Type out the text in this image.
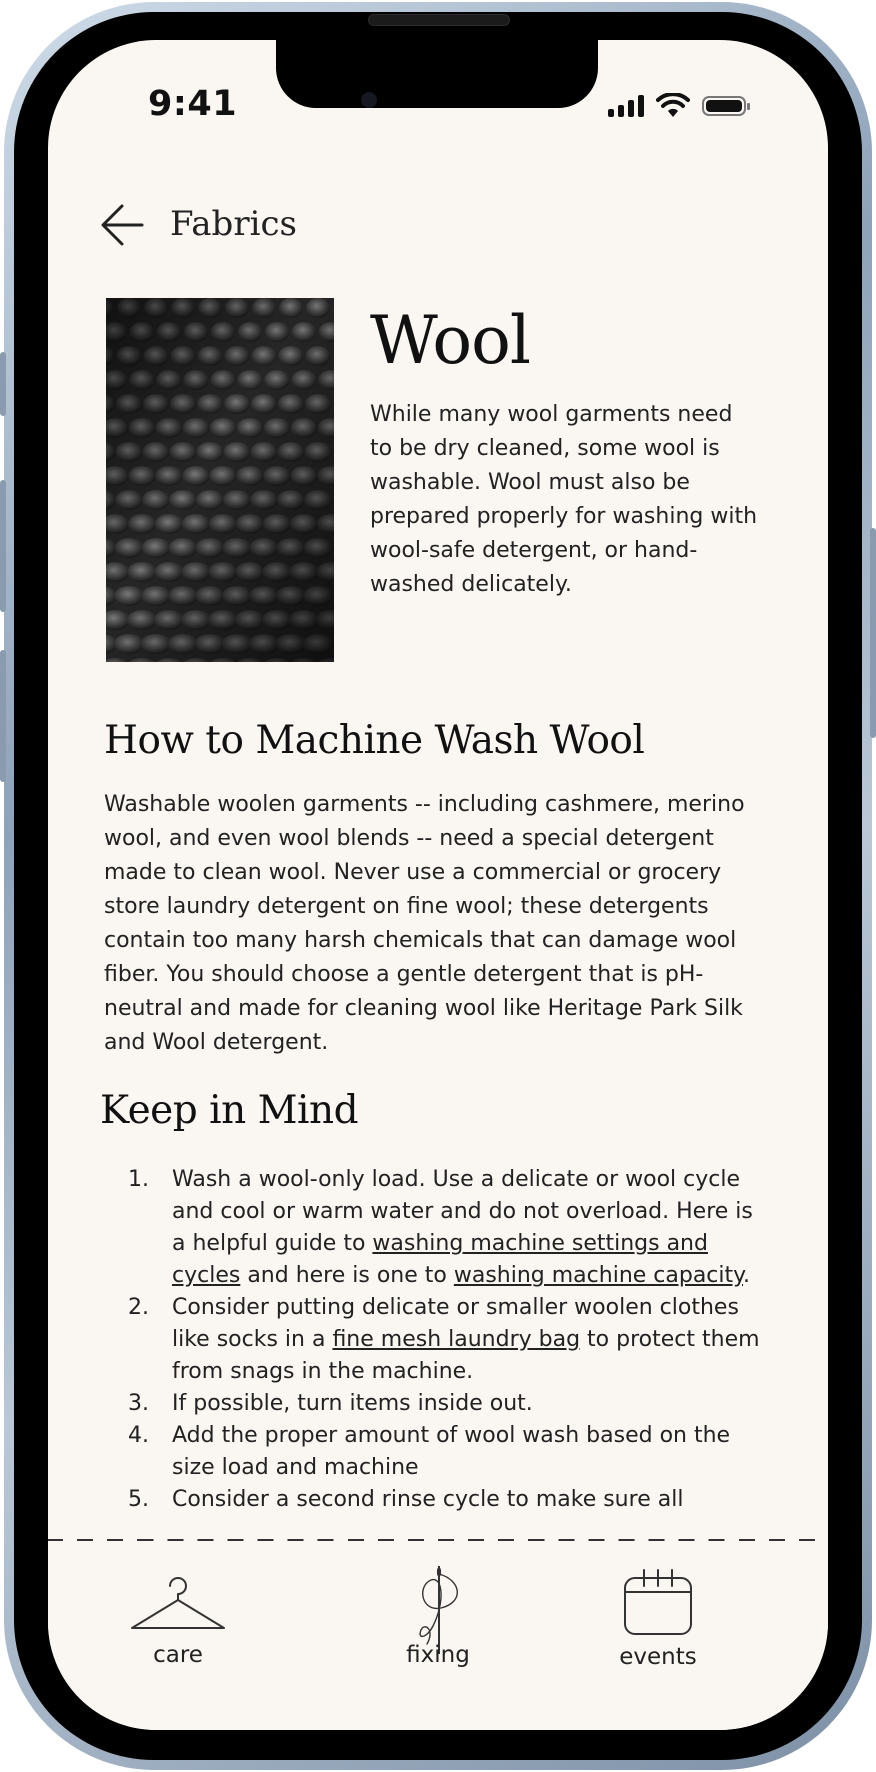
9:41
Fabrics
Wool
While many wool garments need to be dry cleaned, some wool is washable. Wool must also be prepared properly for washing with wool-safe detergent, or hand-washed delicately.
How to Machine Wash Wool
Washable woolen garments -- including cashmere, merino wool, and even wool blends -- need a special detergent made to clean wool. Never use a commercial or grocery store laundry detergent on fine wool; these detergents contain too many harsh chemicals that can damage wool fiber. You should choose a gentle detergent that is pH-neutral and made for cleaning wool like Heritage Park Silk and Wool detergent.
Keep in Mind
1.	Wash a wool-only load. Use a delicate or wool cycle and cool or warm water and do not overload. Here is a helpful guide to washing machine settings and cycles and here is one to washing machine capacity.
2.	Consider putting delicate or smaller woolen clothes like socks in a fine mesh laundry bag to protect them from snags in the machine.
3.	If possible, turn items inside out.
4.	Add the proper amount of wool wash based on the size load and machine
5.	Consider a second rinse cycle to make sure all
care	fixing	events
